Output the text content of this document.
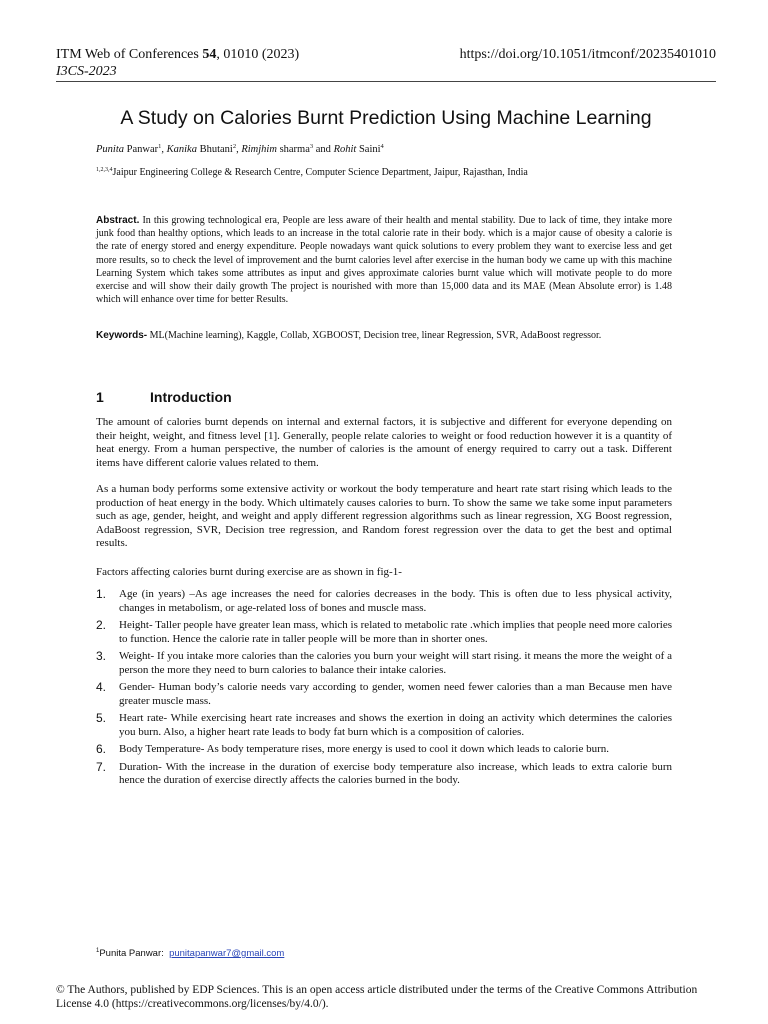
ITM Web of Conferences 54, 01010 (2023)
I3CS-2023
https://doi.org/10.1051/itmconf/20235401010
A Study on Calories Burnt Prediction Using Machine Learning
Punita Panwar$^1$, Kanika Bhutani$^2$, Rimjhim sharma$^3$ and Rohit Saini$^4$
$^{1,2,3,4}$Jaipur Engineering College & Research Centre, Computer Science Department, Jaipur, Rajasthan, India
Abstract. In this growing technological era, People are less aware of their health and mental stability. Due to lack of time, they intake more junk food than healthy options, which leads to an increase in the total calorie rate in their body. which is a major cause of obesity a calorie is the rate of energy stored and energy expenditure. People nowadays want quick solutions to every problem they want to exercise less and get more results, so to check the level of improvement and the burnt calories level after exercise in the human body we came up with this machine Learning System which takes some attributes as input and gives approximate calories burnt value which will motivate people to do more exercise and will show their daily growth The project is nourished with more than 15,000 data and its MAE (Mean Absolute error) is 1.48 which will enhance over time for better Results.
Keywords- ML(Machine learning), Kaggle, Collab, XGBOOST, Decision tree, linear Regression, SVR, AdaBoost regressor.
1	Introduction
The amount of calories burnt depends on internal and external factors, it is subjective and different for everyone depending on their height, weight, and fitness level [1]. Generally, people relate calories to weight or food reduction however it is a quantity of heat energy. From a human perspective, the number of calories is the amount of energy required to carry out a task. Different items have different calorie values related to them.
As a human body performs some extensive activity or workout the body temperature and heart rate start rising which leads to the production of heat energy in the body. Which ultimately causes calories to burn. To show the same we take some input parameters such as age, gender, height, and weight and apply different regression algorithms such as linear regression, XG Boost regression, AdaBoost regression, SVR, Decision tree regression, and Random forest regression over the data to get the best and optimal results.
Factors affecting calories burnt during exercise are as shown in fig-1-
1. Age (in years) –As age increases the need for calories decreases in the body. This is often due to less physical activity, changes in metabolism, or age-related loss of bones and muscle mass.
2. Height- Taller people have greater lean mass, which is related to metabolic rate .which implies that people need more calories to function. Hence the calorie rate in taller people will be more than in shorter ones.
3. Weight- If you intake more calories than the calories you burn your weight will start rising. it means the more the weight of a person the more they need to burn calories to balance their intake calories.
4. Gender- Human body’s calorie needs vary according to gender, women need fewer calories than a man Because men have greater muscle mass.
5. Heart rate- While exercising heart rate increases and shows the exertion in doing an activity which determines the calories you burn. Also, a higher heart rate leads to body fat burn which is a composition of calories.
6. Body Temperature- As body temperature rises, more energy is used to cool it down which leads to calorie burn.
7. Duration- With the increase in the duration of exercise body temperature also increase, which leads to extra calorie burn hence the duration of exercise directly affects the calories burned in the body.
$^1$Punita Panwar: punitapanwar7@gmail.com
© The Authors, published by EDP Sciences. This is an open access article distributed under the terms of the Creative Commons Attribution License 4.0 (https://creativecommons.org/licenses/by/4.0/).
